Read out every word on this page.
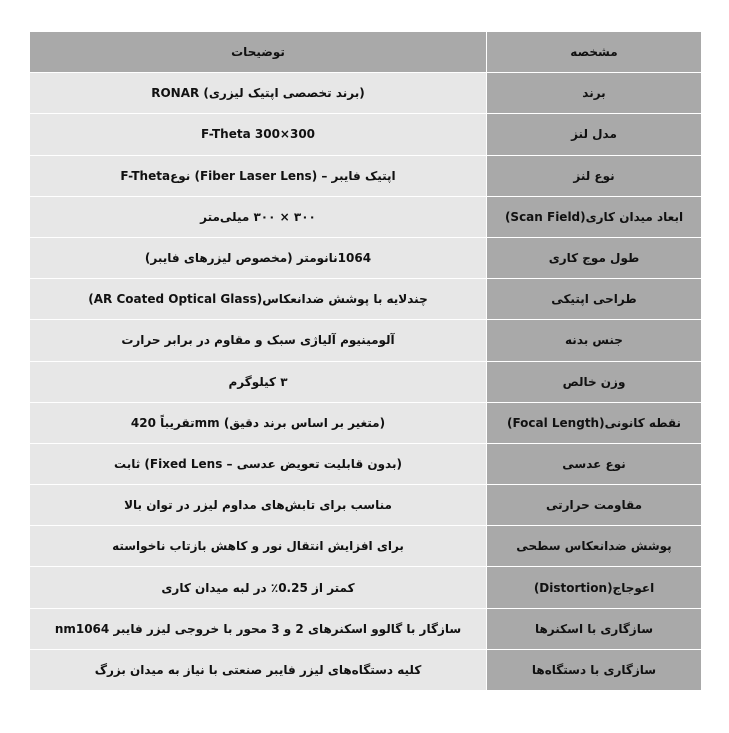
توضیحات	مشخصه
(برند تخصصی اپتیک لیزری) RONAR	برند
F-Theta 300×300	مدل لنز
اپتیک فایبر – (Fiber Laser Lens) نوعF-Theta	نوع لنز
۳۰۰ × ۳۰۰ میلی‌متر	ابعاد میدان کاری(Scan Field)
1064نانومتر (مخصوص لیزرهای فایبر)	طول موج کاری
چندلایه با پوشش ضدانعکاس(AR Coated Optical Glass)	طراحی اپتیکی
آلومینیوم آلیاژی سبک و مقاوم در برابر حرارت	جنس بدنه
۳ کیلوگرم	وزن خالص
(متغیر بر اساس برند دقیق) mmتقریباً 420	نقطه کانونی(Focal Length)
(بدون قابلیت تعویض عدسی – Fixed Lens) ثابت	نوع عدسی
مناسب برای تابش‌های مداوم لیزر در توان بالا	مقاومت حرارتی
برای افزایش انتقال نور و کاهش بازتاب ناخواسته	پوشش ضدانعکاس سطحی
کمتر از 0.25٪ در لبه میدان کاری	اعوجاج(Distortion)
سازگار با گالوو اسکنرهای 2 و 3 محور با خروجی لیزر فایبر nm1064	سازگاری با اسکنرها
کلیه دستگاه‌های لیزر فایبر صنعتی با نیاز به میدان بزرگ	سازگاری با دستگاه‌ها
